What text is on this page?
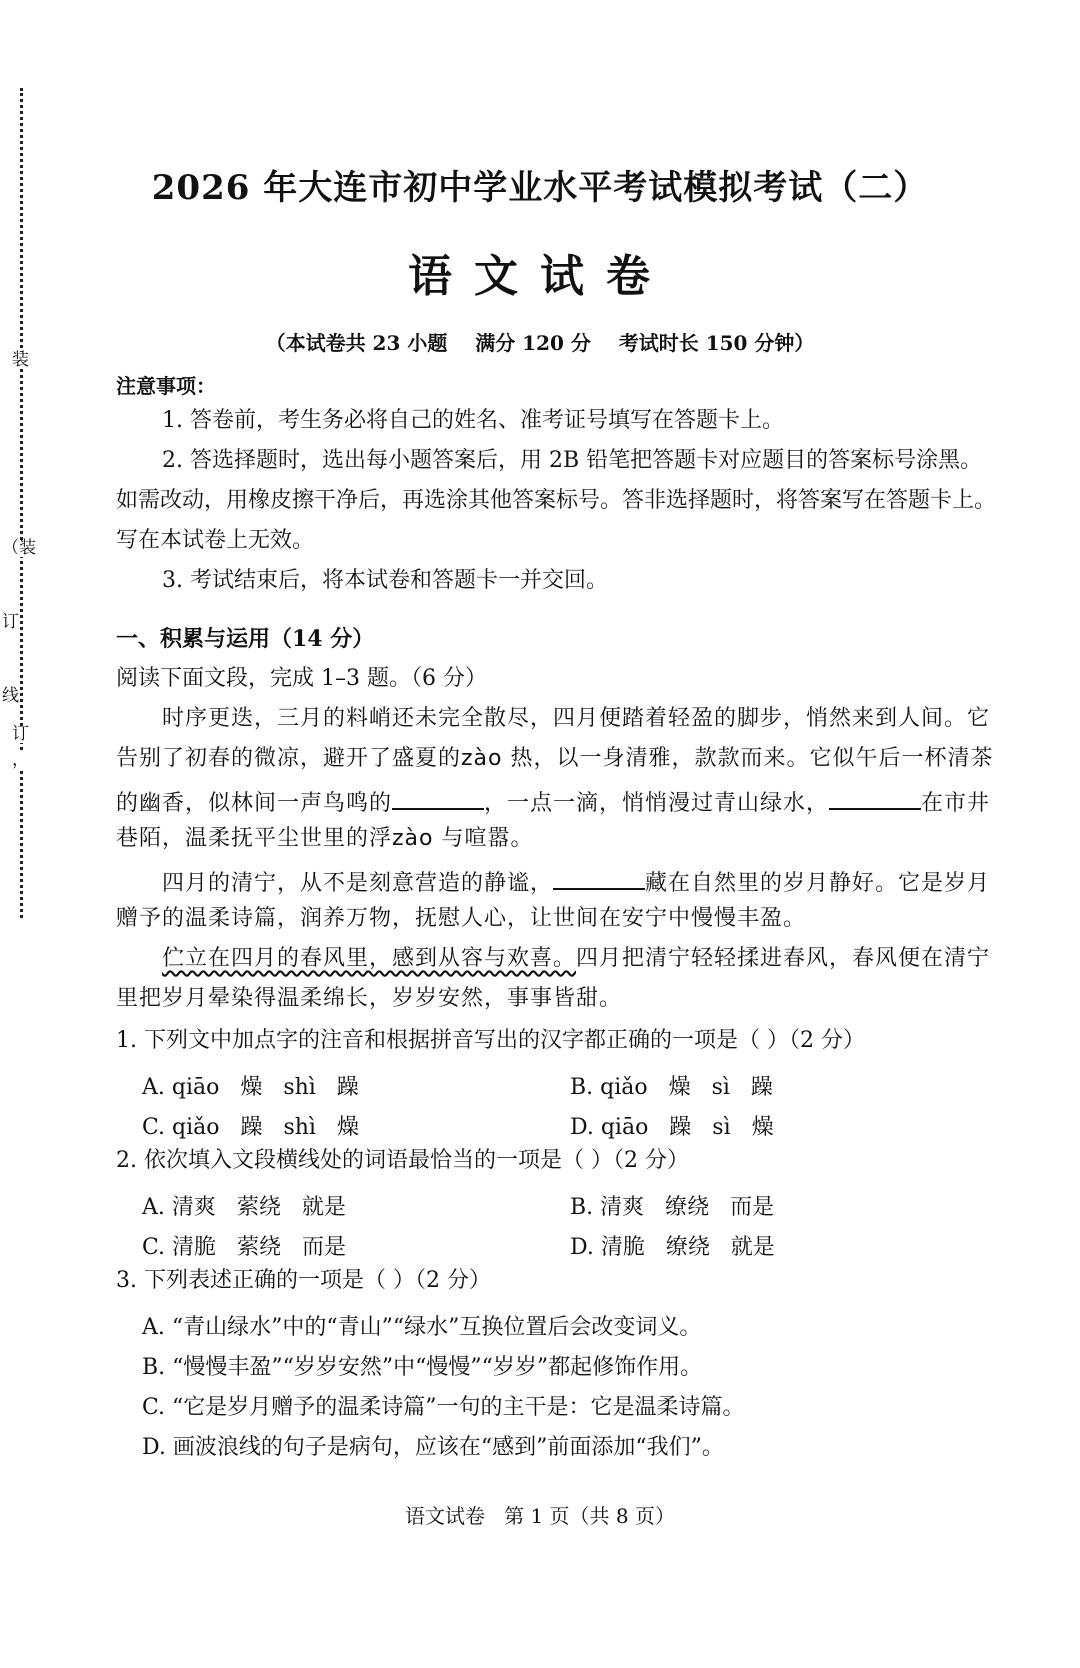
装
（装
订
线
订
，
2026 年大连市初中学业水平考试模拟考试（二）
语文试卷
（本试卷共 23 小题    满分 120 分    考试时长 150 分钟）
注意事项：
1. 答卷前，考生务必将自己的姓名、准考证号填写在答题卡上。
2. 答选择题时，选出每小题答案后，用 2B 铅笔把答题卡对应题目的答案标号涂黑。
如需改动，用橡皮擦干净后，再选涂其他答案标号。答非选择题时，将答案写在答题卡上。
写在本试卷上无效。
3. 考试结束后，将本试卷和答题卡一并交回。
一、积累与运用（14 分）
阅读下面文段，完成 1–3 题。（6 分）
时序更迭，三月的料峭还未完全散尽，四月便踏着轻盈的脚步，悄然来到人间。它
告别了初春的微凉，避开了盛夏的zào 热，以一身清雅，款款而来。它似午后一杯清茶
的幽香，似林间一声鸟鸣的	，一点一滴，悄悄漫过青山绿水，	在市井
巷陌，温柔抚平尘世里的浮zào 与喧嚣。
四月的清宁，从不是刻意营造的静谧，	藏在自然里的岁月静好。它是岁月
赠予的温柔诗篇，润养万物，抚慰人心，让世间在安宁中慢慢丰盈。
伫立在四月的春风里，感到从容与欢喜。四月把清宁轻轻揉进春风，春风便在清宁
里把岁月晕染得温柔绵长，岁岁安然，事事皆甜。
1. 下列文中加点字的注音和根据拼音写出的汉字都正确的一项是（ ）（2 分）
A. qiāo   燥   shì   躁	B. qiǎo   燥   sì   躁
C. qiǎo   躁   shì   燥	D. qiāo   躁   sì   燥
2. 依次填入文段横线处的词语最恰当的一项是（ ）（2 分）
A. 清爽   萦绕   就是	B. 清爽   缭绕   而是
C. 清脆   萦绕   而是	D. 清脆   缭绕   就是
3. 下列表述正确的一项是（ ）（2 分）
A. “青山绿水”中的“青山”“绿水”互换位置后会改变词义。
B. “慢慢丰盈”“岁岁安然”中“慢慢”“岁岁”都起修饰作用。
C. “它是岁月赠予的温柔诗篇”一句的主干是：它是温柔诗篇。
D. 画波浪线的句子是病句，应该在“感到”前面添加“我们”。
语文试卷   第 1 页（共 8 页）
